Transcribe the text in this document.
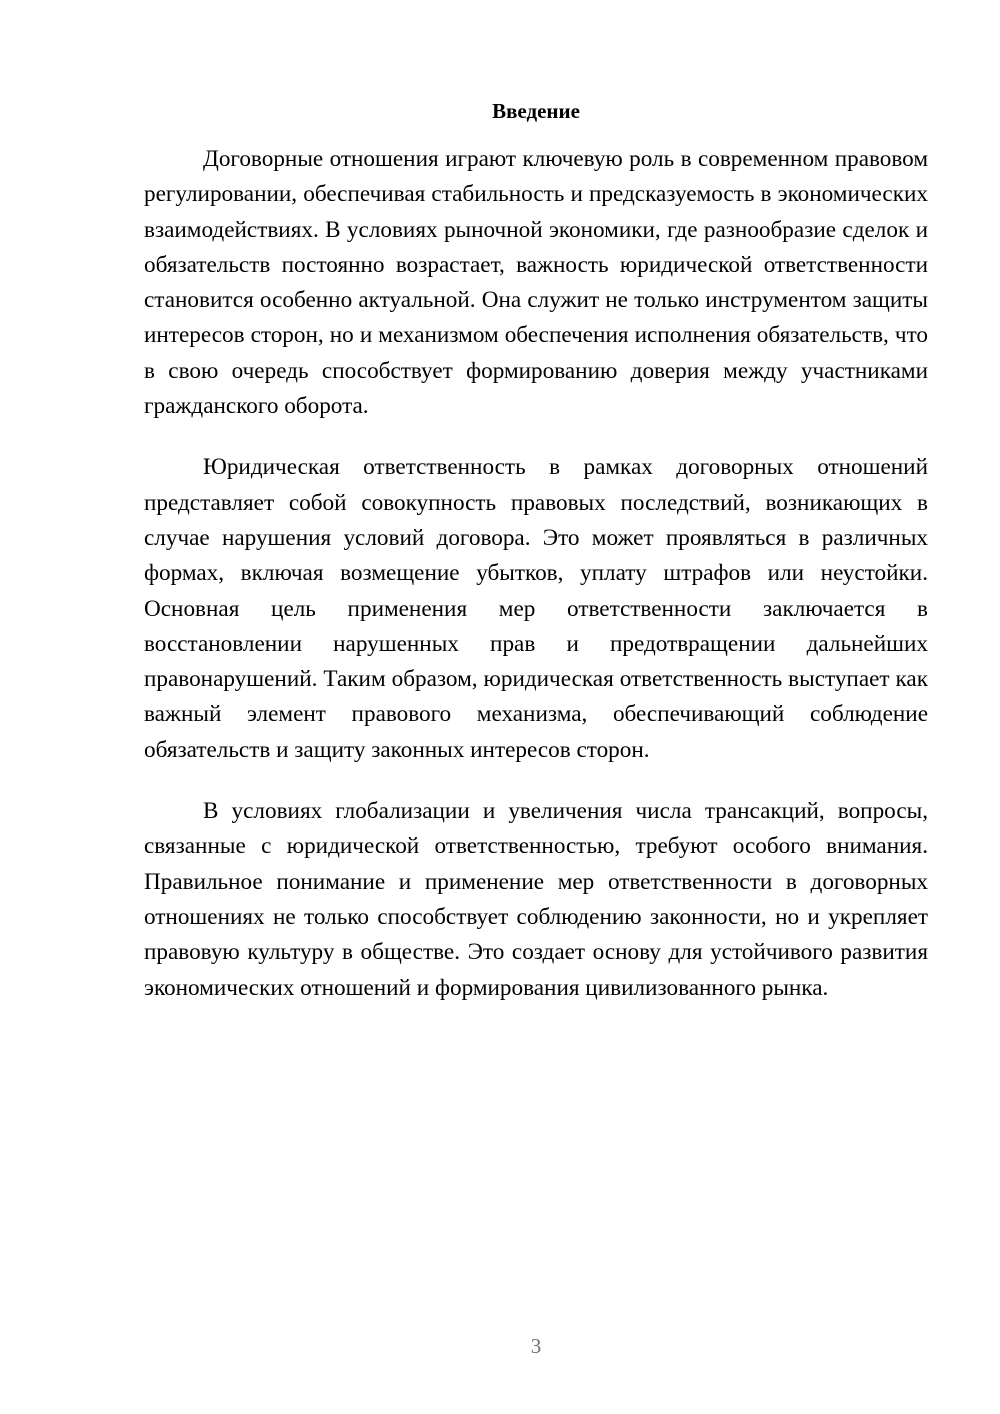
Введение

Договорные отношения играют ключевую роль в современном правовом регулировании, обеспечивая стабильность и предсказуемость в экономических взаимодействиях. В условиях рыночной экономики, где разнообразие сделок и обязательств постоянно возрастает, важность юридической ответственности становится особенно актуальной. Она служит не только инструментом защиты интересов сторон, но и механизмом обеспечения исполнения обязательств, что в свою очередь способствует формированию доверия между участниками гражданского оборота.

Юридическая ответственность в рамках договорных отношений представляет собой совокупность правовых последствий, возникающих в случае нарушения условий договора. Это может проявляться в различных формах, включая возмещение убытков, уплату штрафов или неустойки. Основная цель применения мер ответственности заключается в восстановлении нарушенных прав и предотвращении дальнейших правонарушений. Таким образом, юридическая ответственность выступает как важный элемент правового механизма, обеспечивающий соблюдение обязательств и защиту законных интересов сторон.

В условиях глобализации и увеличения числа трансакций, вопросы, связанные с юридической ответственностью, требуют особого внимания. Правильное понимание и применение мер ответственности в договорных отношениях не только способствует соблюдению законности, но и укрепляет правовую культуру в обществе. Это создает основу для устойчивого развития экономических отношений и формирования цивилизованного рынка.

3
